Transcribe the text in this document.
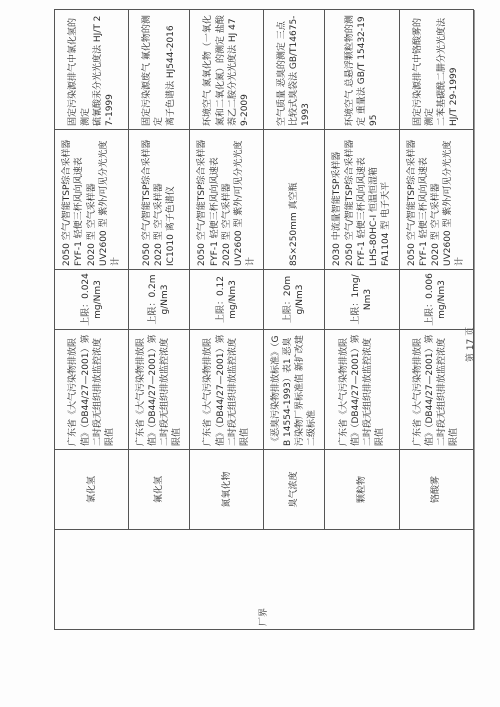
厂界	氯化氢	广东省《大气污染物排放限值》（DB44/27—2001）第二时段无组织排放监控浓度限值	上限：0.024mg/Nm3	2050 空气/智能TSP综合采样器 FYF-1 轻便三杯风向风速表 2020 型 空气采样器 UV2600 型 紫外/可见分光光度计	固定污染源排气中氯化氢的测定 硫氰酸汞分光光度法 HJ/T 27-1999
	氟化氢	广东省《大气污染物排放限值》（DB44/27—2001）第二时段无组织排放监控浓度限值	上限：0.2mg/Nm3	2050 空气/智能TSP综合采样器 2020 型 空气采样器 IC1010 离子色谱仪	固定污染源废气 氟化物的测定 离子色谱法 HJ544-2016
	氮氧化物	广东省《大气污染物排放限值》（DB44/27—2001）第二时段无组织排放监控浓度限值	上限：0.12mg/Nm3	2050 空气/智能TSP综合采样器 FYF-1 轻便三杯风向风速表 2020 型 空气采样器 UV2600 型 紫外/可见分光光度计	环境空气 氮氧化物（一氧化氮和二氧化氮）的测定 盐酸萘乙二胺分光光度法 HJ 479-2009
	臭气浓度	《恶臭污染物排放标准》（GB 14554-1993）表1 恶臭污染物厂界标准值 新扩改建二级标准	上限：20mg/Nm3	8S×250mm 真空瓶	空气质量 恶臭的测定 三点比较式臭袋法 GB/T14675-1993
	颗粒物	广东省《大气污染物排放限值》（DB44/27—2001）第二时段无组织排放监控浓度限值	上限：1mg/Nm3	2030 中流量智能TSP采样器 2050 空气/智能TSP综合采样器 FYF-1 轻便三杯风向风速表 LHS-80HC-I 恒温恒湿箱 FA1104 型 电子天平	环境空气 总悬浮颗粒物的测定 重量法 GB/T 15432-1995
	铬酸雾	广东省《大气污染物排放限值》（DB44/27—2001）第二时段无组织排放监控浓度限值	上限：0.006mg/Nm3	2050 空气/智能TSP综合采样器 FYF-1 轻便三杯风向风速表 2020 型 空气采样器 UV2600 型 紫外/可见分光光度计	固定污染源排气中铬酸雾的测定 二苯基碳酰二肼分光光度法 HJ/T 29-1999
第 17 页
